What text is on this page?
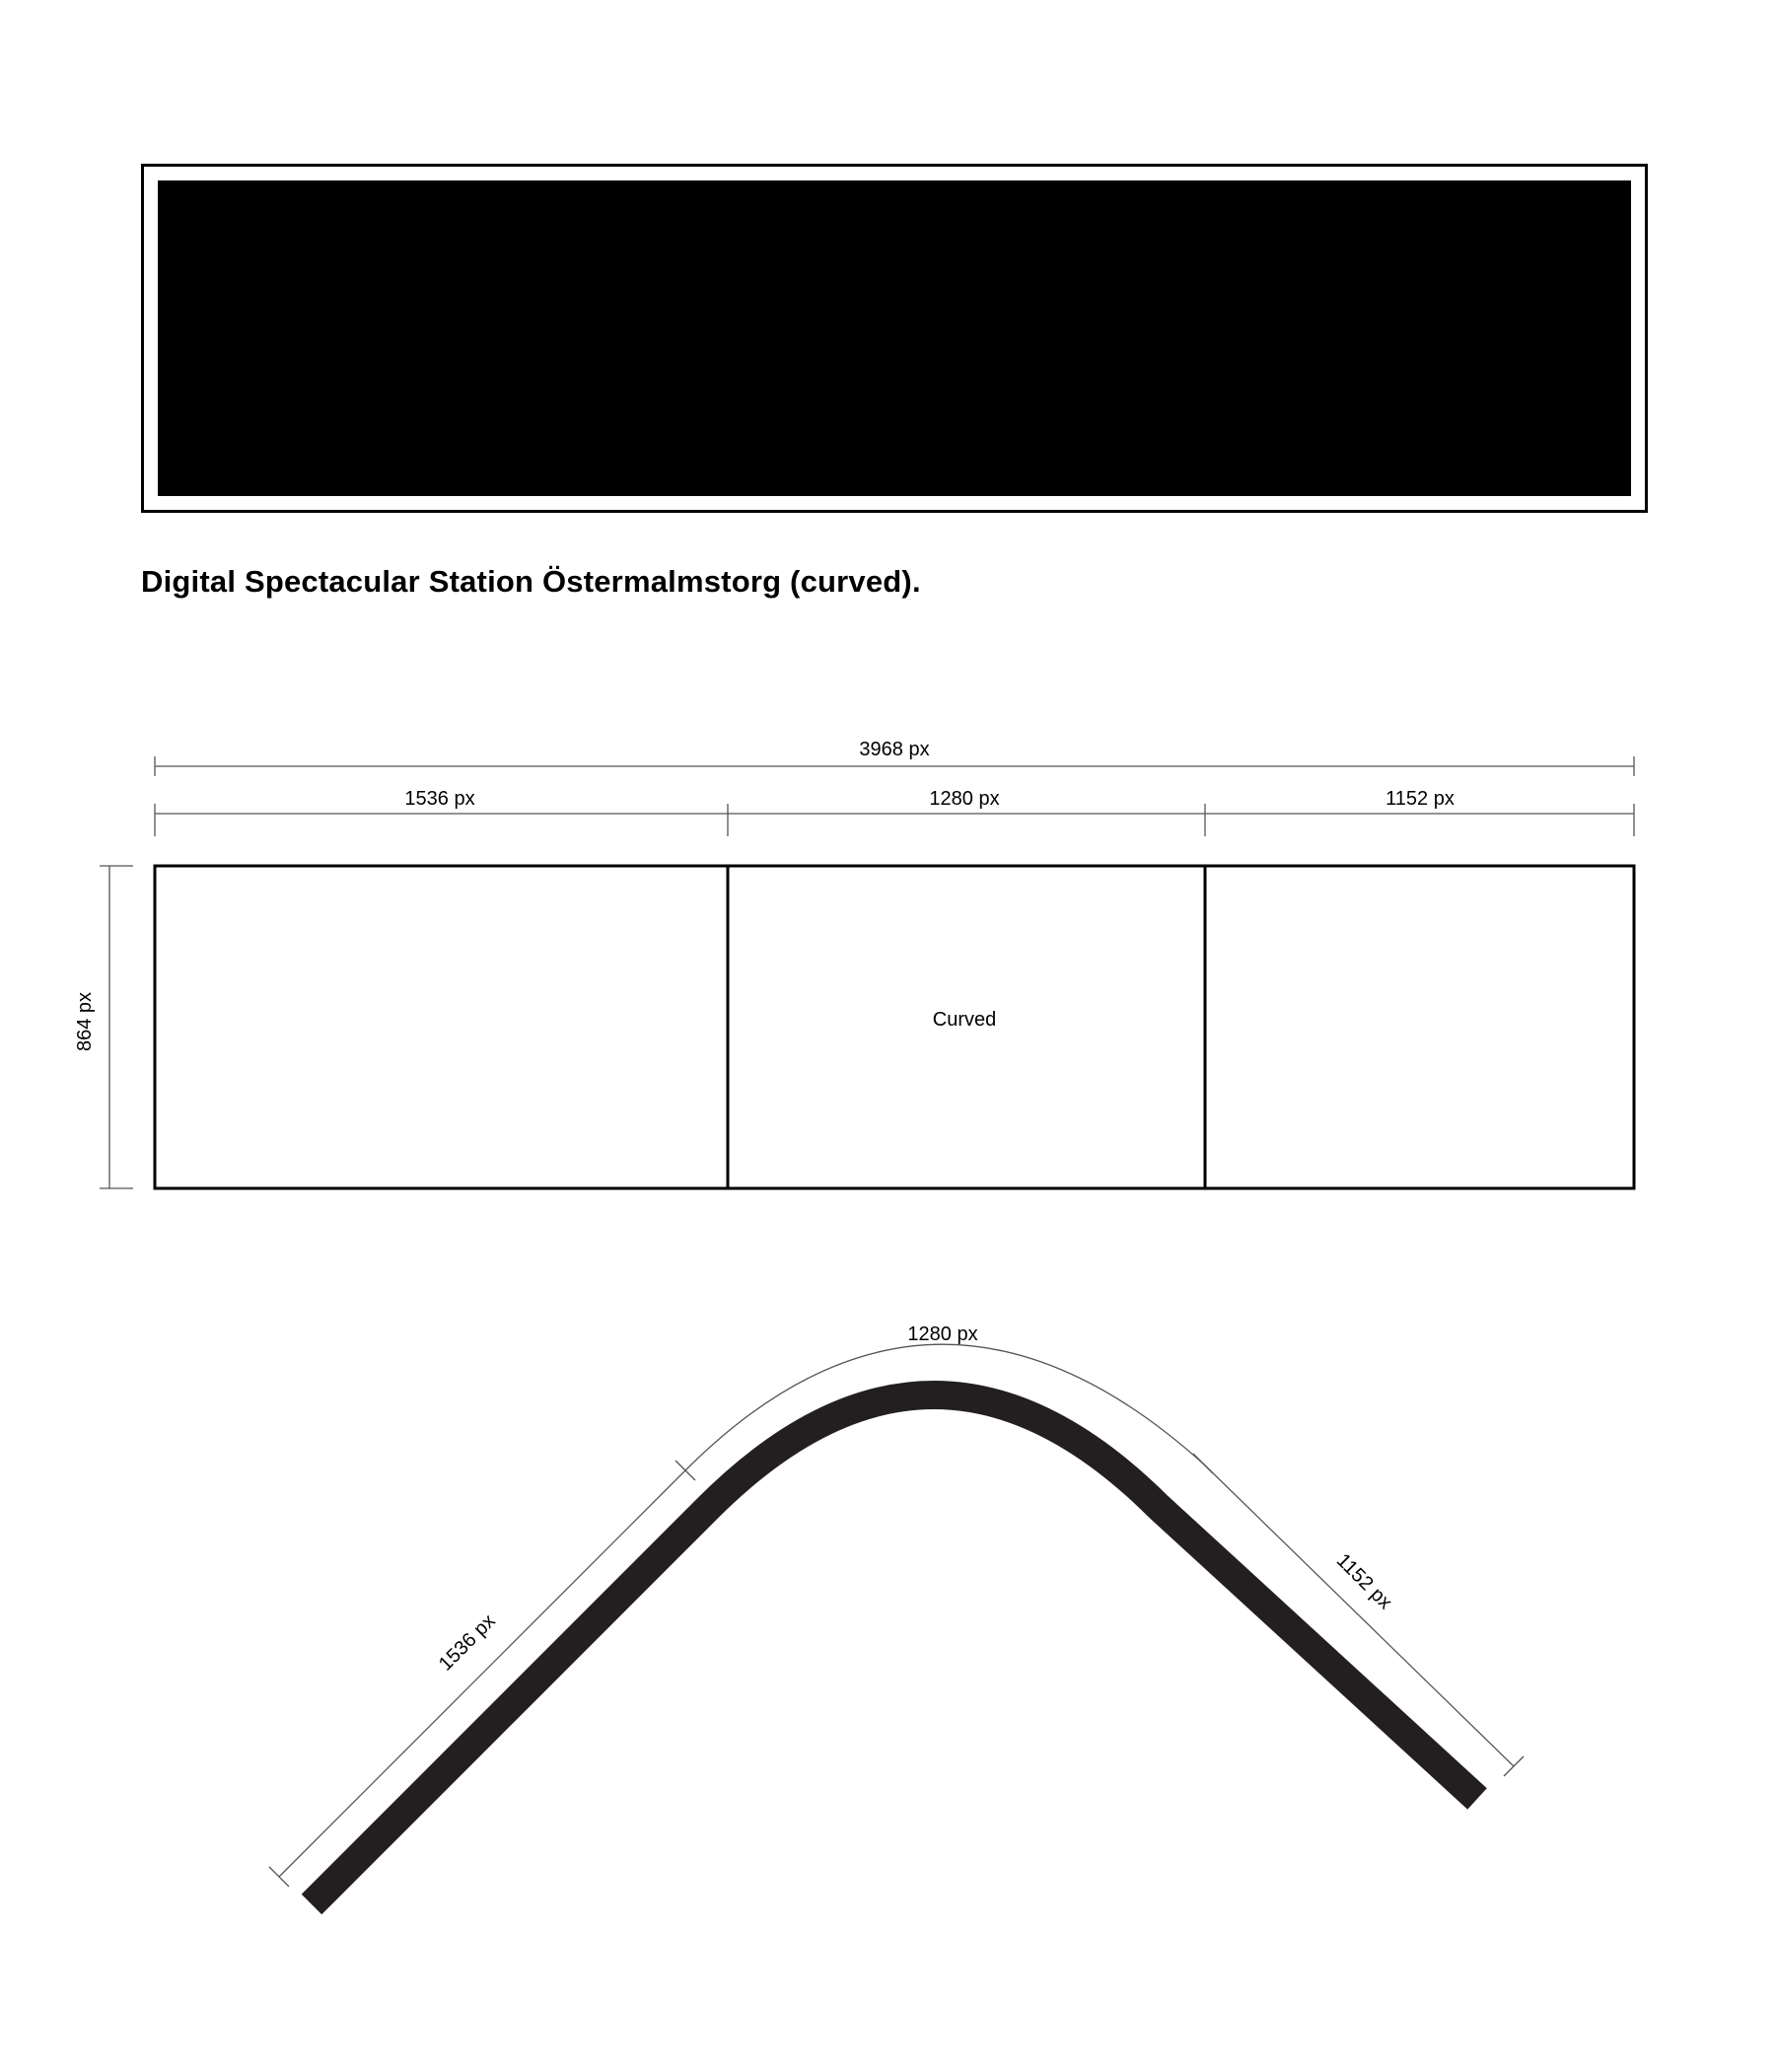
Digital Spectacular Station Östermalmstorg (curved).
3968 px
1536 px	1280 px	1152 px
864 px	Curved
1536 px
1280 px
1152 px
